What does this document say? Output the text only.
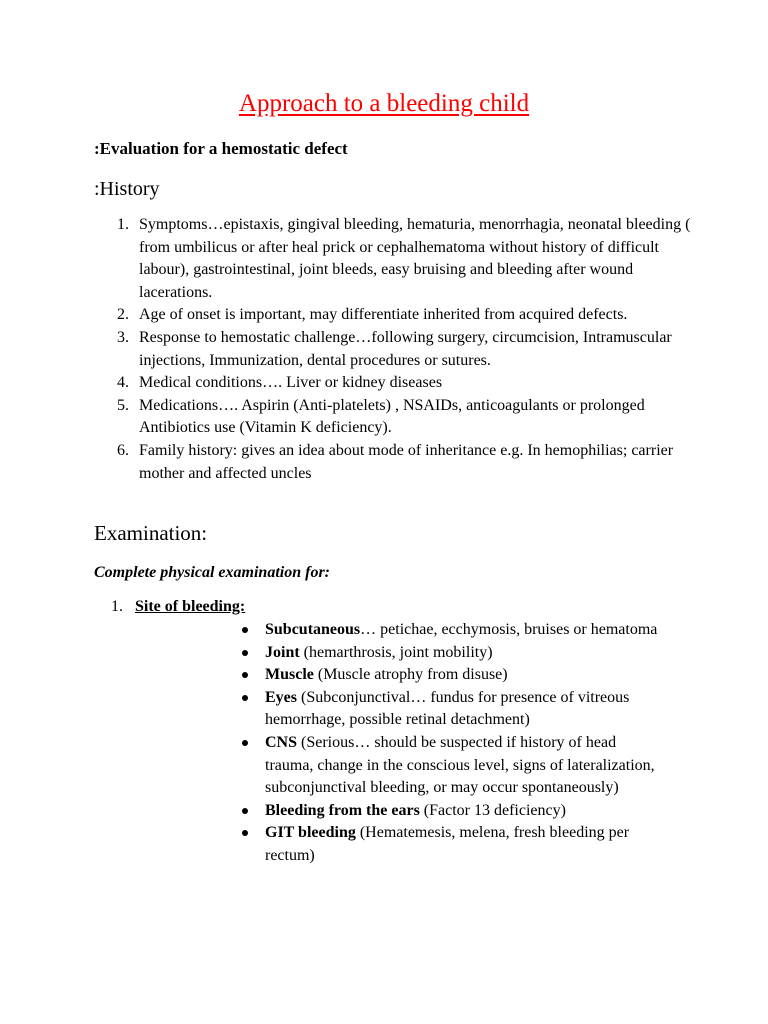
Approach to a bleeding child

:Evaluation for a hemostatic defect

:History
1. Symptoms…epistaxis, gingival bleeding, hematuria, menorrhagia, neonatal bleeding ( from umbilicus or after heal prick or cephalhematoma without history of difficult labour), gastrointestinal, joint bleeds, easy bruising and bleeding after wound lacerations.
2. Age of onset is important, may differentiate inherited from acquired defects.
3. Response to hemostatic challenge…following surgery, circumcision, Intramuscular injections, Immunization, dental procedures or sutures.
4. Medical conditions…. Liver or kidney diseases
5. Medications…. Aspirin (Anti-platelets) , NSAIDs, anticoagulants or prolonged Antibiotics use (Vitamin K deficiency).
6. Family history: gives an idea about mode of inheritance e.g. In hemophilias; carrier mother and affected uncles
Examination:

Complete physical examination for:

1. Site of bleeding:
Subcutaneous… petichae, ecchymosis, bruises or hematoma
Joint (hemarthrosis, joint mobility)
Muscle (Muscle atrophy from disuse)
Eyes (Subconjunctival… fundus for presence of vitreous hemorrhage, possible retinal detachment)
CNS (Serious… should be suspected if history of head trauma, change in the conscious level, signs of lateralization, subconjunctival bleeding, or may occur spontaneously)
Bleeding from the ears (Factor 13 deficiency)
GIT bleeding (Hematemesis, melena, fresh bleeding per rectum)
